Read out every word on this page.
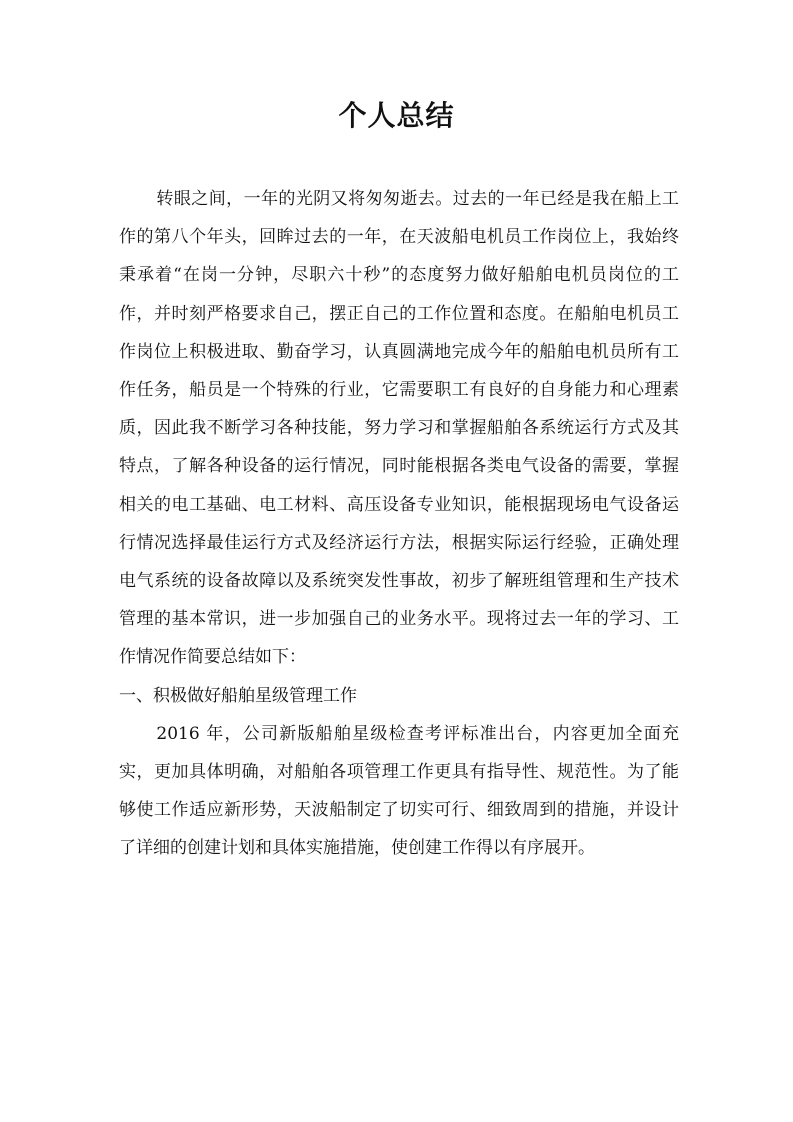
个人总结

转眼之间，一年的光阴又将匆匆逝去。过去的一年已经是我在船上工作的第八个年头，回眸过去的一年，在天波船电机员工作岗位上，我始终秉承着“在岗一分钟，尽职六十秒”的态度努力做好船舶电机员岗位的工作，并时刻严格要求自己，摆正自己的工作位置和态度。在船舶电机员工作岗位上积极进取、勤奋学习，认真圆满地完成今年的船舶电机员所有工作任务，船员是一个特殊的行业，它需要职工有良好的自身能力和心理素质，因此我不断学习各种技能，努力学习和掌握船舶各系统运行方式及其特点，了解各种设备的运行情况，同时能根据各类电气设备的需要，掌握相关的电工基础、电工材料、高压设备专业知识，能根据现场电气设备运行情况选择最佳运行方式及经济运行方法，根据实际运行经验，正确处理电气系统的设备故障以及系统突发性事故，初步了解班组管理和生产技术管理的基本常识，进一步加强自己的业务水平。现将过去一年的学习、工作情况作简要总结如下：

一、积极做好船舶星级管理工作

2016 年，公司新版船舶星级检查考评标准出台，内容更加全面充实，更加具体明确，对船舶各项管理工作更具有指导性、规范性。为了能够使工作适应新形势，天波船制定了切实可行、细致周到的措施，并设计了详细的创建计划和具体实施措施，使创建工作得以有序展开。
